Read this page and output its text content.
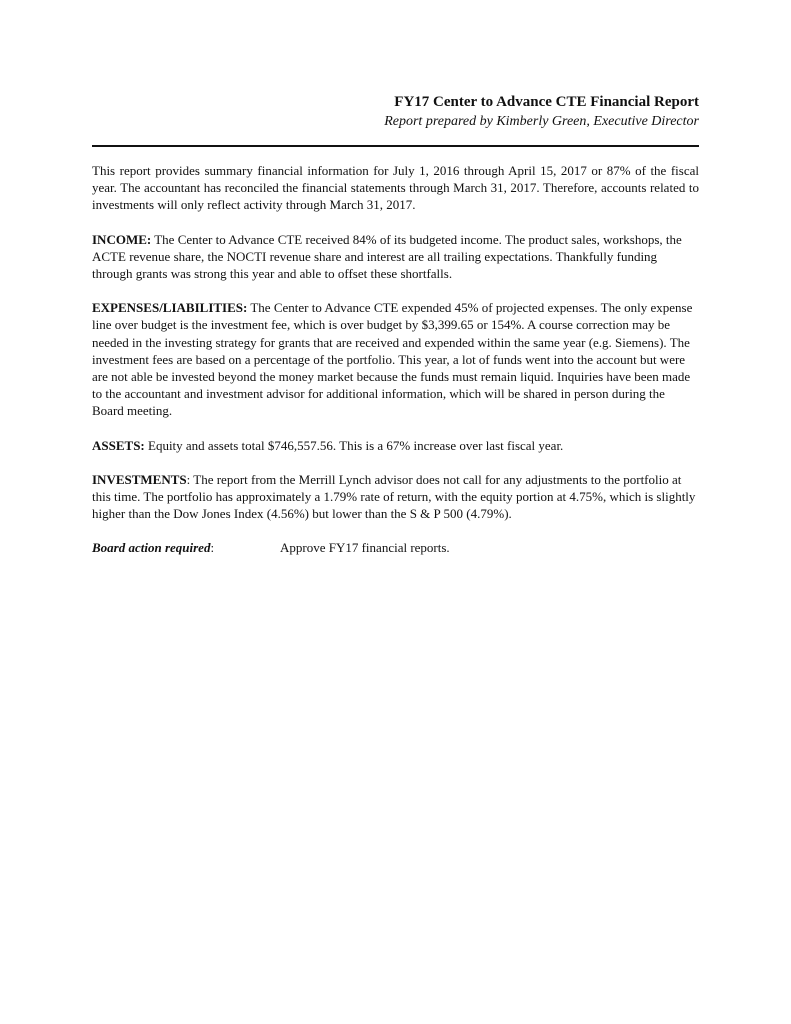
FY17 Center to Advance CTE Financial Report
Report prepared by Kimberly Green, Executive Director

This report provides summary financial information for July 1, 2016 through April 15, 2017 or 87% of the fiscal year. The accountant has reconciled the financial statements through March 31, 2017. Therefore, accounts related to investments will only reflect activity through March 31, 2017.

INCOME: The Center to Advance CTE received 84% of its budgeted income. The product sales, workshops, the ACTE revenue share, the NOCTI revenue share and interest are all trailing expectations. Thankfully funding through grants was strong this year and able to offset these shortfalls.

EXPENSES/LIABILITIES: The Center to Advance CTE expended 45% of projected expenses. The only expense line over budget is the investment fee, which is over budget by $3,399.65 or 154%. A course correction may be needed in the investing strategy for grants that are received and expended within the same year (e.g. Siemens). The investment fees are based on a percentage of the portfolio. This year, a lot of funds went into the account but were are not able be invested beyond the money market because the funds must remain liquid. Inquiries have been made to the accountant and investment advisor for additional information, which will be shared in person during the Board meeting.

ASSETS: Equity and assets total $746,557.56. This is a 67% increase over last fiscal year.

INVESTMENTS: The report from the Merrill Lynch advisor does not call for any adjustments to the portfolio at this time. The portfolio has approximately a 1.79% rate of return, with the equity portion at 4.75%, which is slightly higher than the Dow Jones Index (4.56%) but lower than the S & P 500 (4.79%).

Board action required:	Approve FY17 financial reports.
